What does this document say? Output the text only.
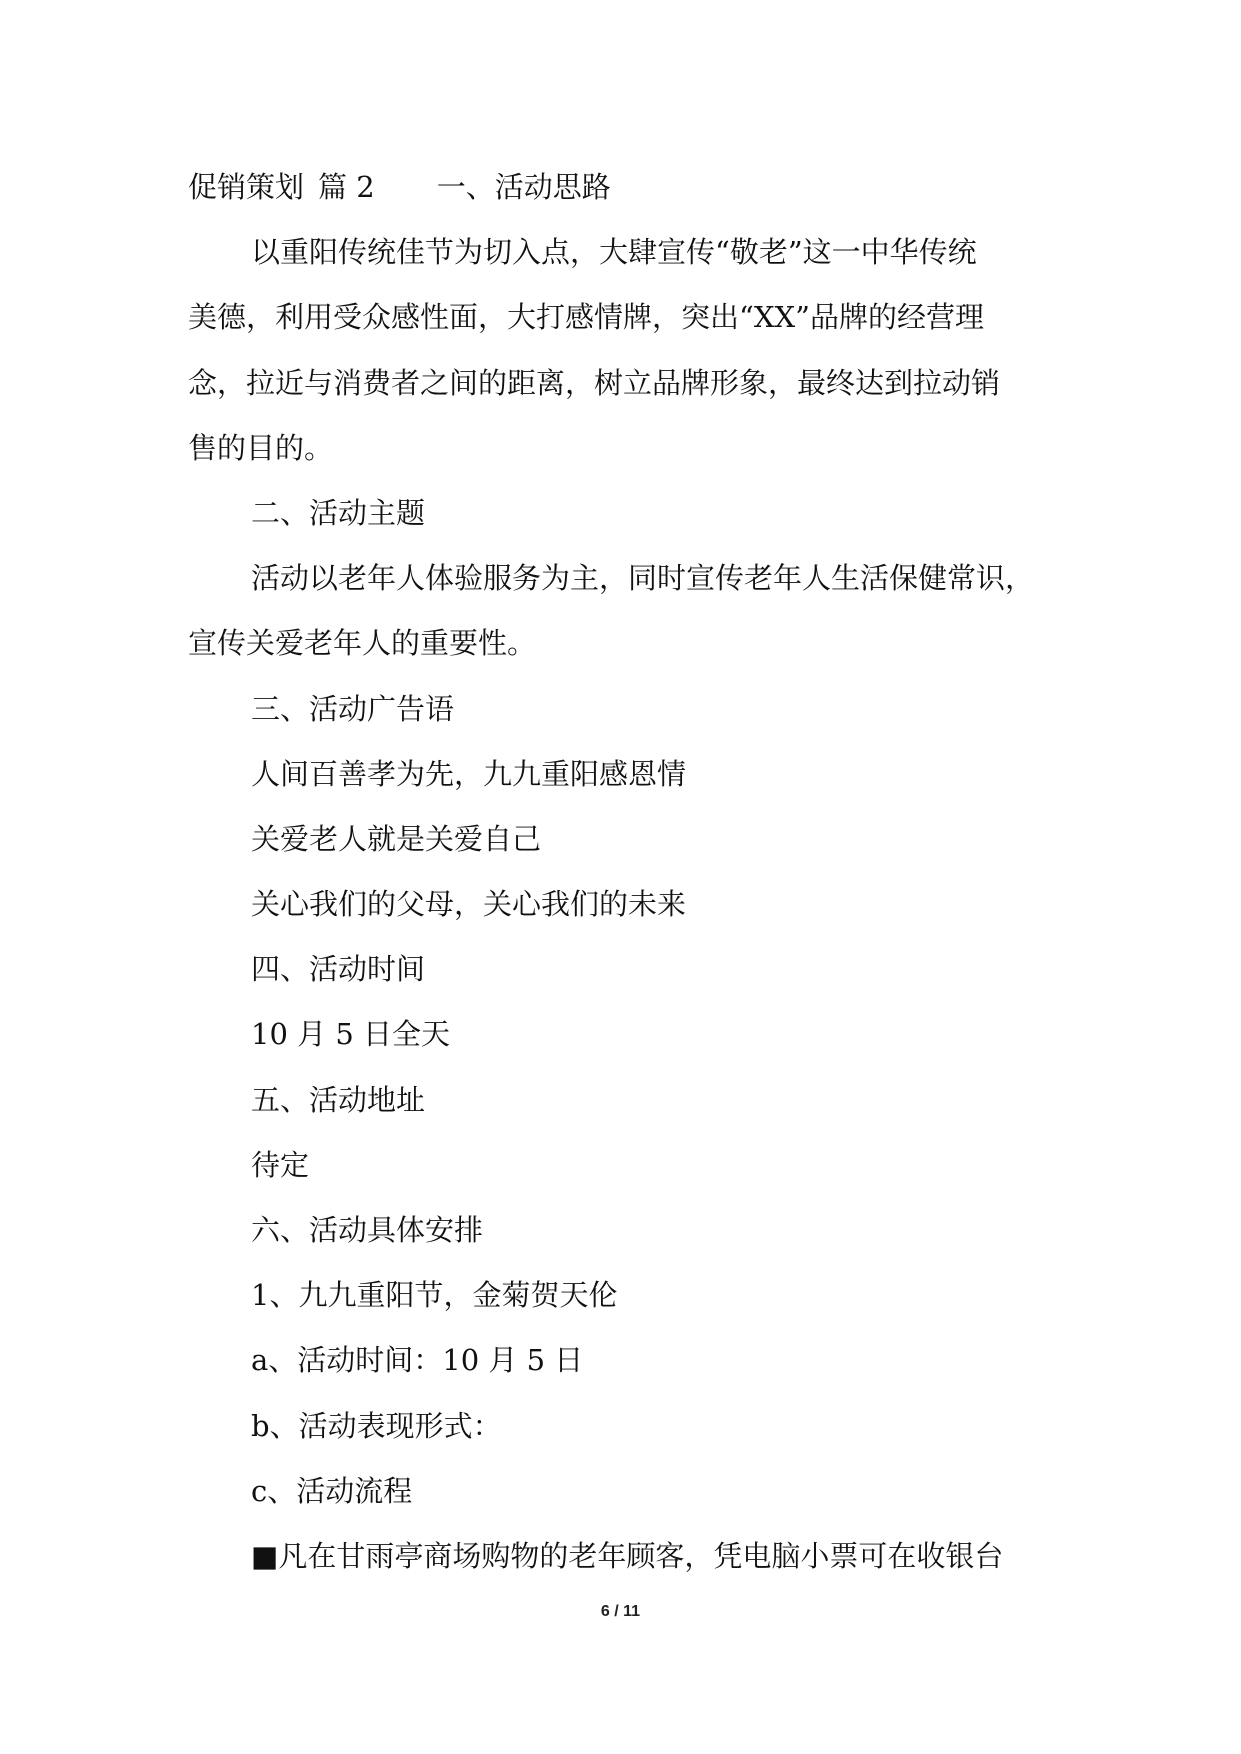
促销策划 篇 2 一、活动思路

以重阳传统佳节为切入点，大肆宣传“敬老”这一中华传统

美德，利用受众感性面，大打感情牌，突出“XX”品牌的经营理

念，拉近与消费者之间的距离，树立品牌形象，最终达到拉动销

售的目的。

二、活动主题

活动以老年人体验服务为主，同时宣传老年人生活保健常识，

宣传关爱老年人的重要性。

三、活动广告语

人间百善孝为先，九九重阳感恩情

关爱老人就是关爱自己

关心我们的父母，关心我们的未来

四、活动时间

10 月 5 日全天

五、活动地址

待定

六、活动具体安排

1、九九重阳节，金菊贺天伦

a、活动时间：10 月 5 日

b、活动表现形式：

c、活动流程

■凡在甘雨亭商场购物的老年顾客，凭电脑小票可在收银台

6 / 11
